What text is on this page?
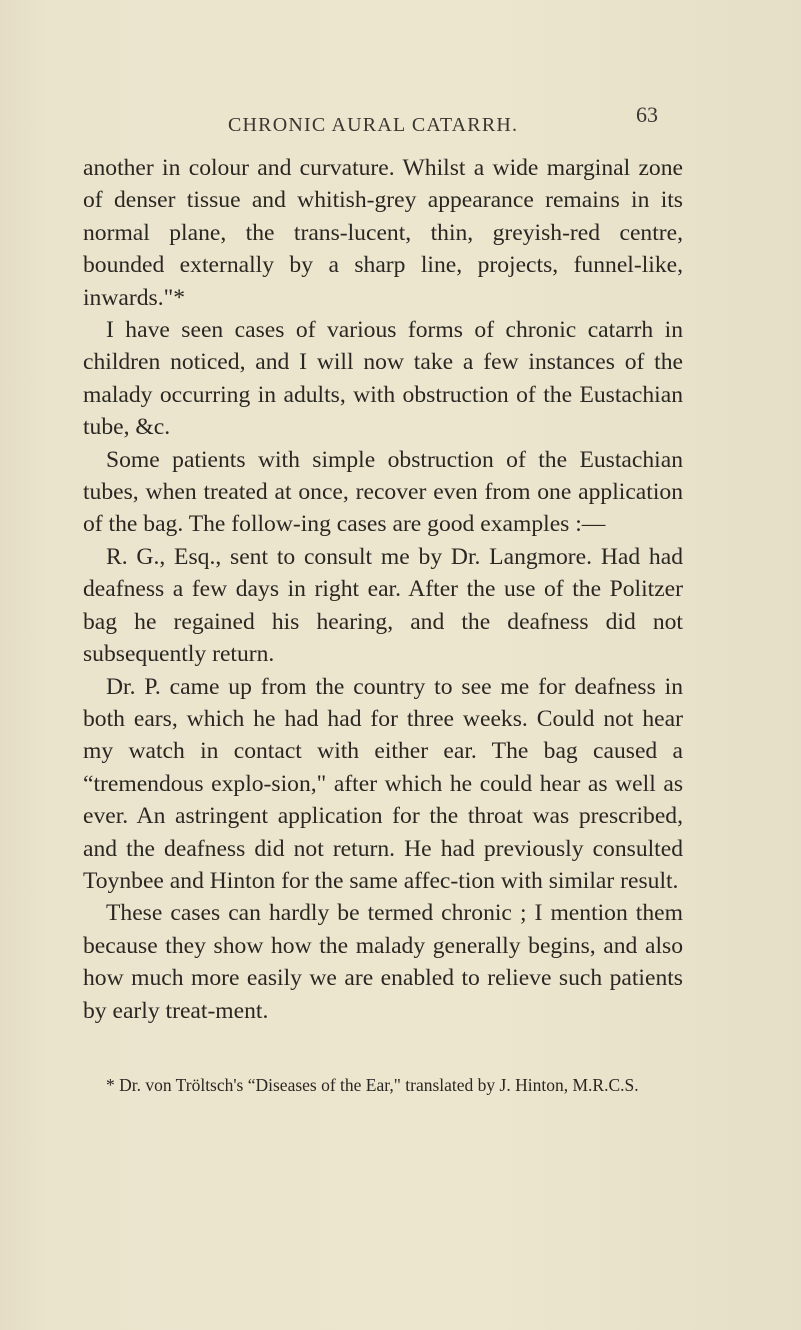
CHRONIC AURAL CATARRH.	63

another in colour and curvature. Whilst a wide marginal zone of denser tissue and whitish-grey appearance remains in its normal plane, the trans-lucent, thin, greyish-red centre, bounded externally by a sharp line, projects, funnel-like, inwards."*

I have seen cases of various forms of chronic catarrh in children noticed, and I will now take a few instances of the malady occurring in adults, with obstruction of the Eustachian tube, &c.

Some patients with simple obstruction of the Eustachian tubes, when treated at once, recover even from one application of the bag. The follow-ing cases are good examples :—

R. G., Esq., sent to consult me by Dr. Langmore. Had had deafness a few days in right ear. After the use of the Politzer bag he regained his hearing, and the deafness did not subsequently return.

Dr. P. came up from the country to see me for deafness in both ears, which he had had for three weeks. Could not hear my watch in contact with either ear. The bag caused a “tremendous explo-sion," after which he could hear as well as ever. An astringent application for the throat was prescribed, and the deafness did not return. He had previously consulted Toynbee and Hinton for the same affec-tion with similar result.

These cases can hardly be termed chronic ; I mention them because they show how the malady generally begins, and also how much more easily we are enabled to relieve such patients by early treat-ment.

* Dr. von Tröltsch's “Diseases of the Ear," translated by J. Hinton, M.R.C.S.
